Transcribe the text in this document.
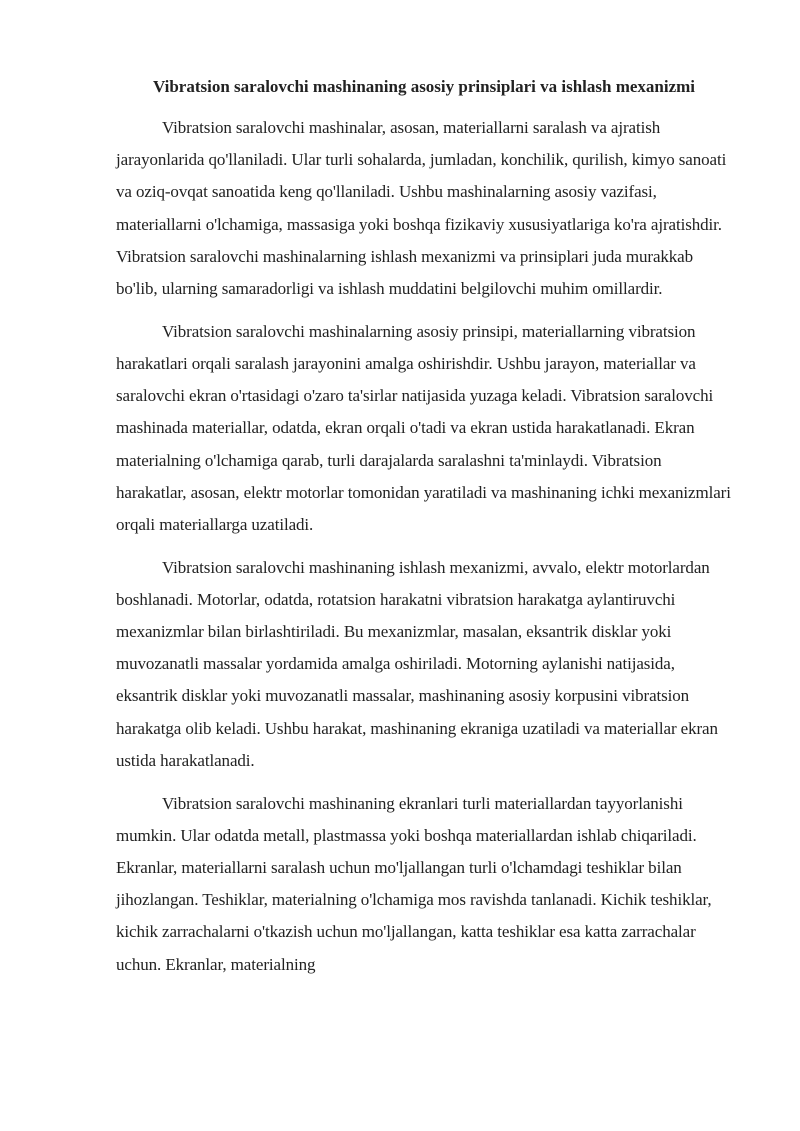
Vibratsion saralovchi mashinaning asosiy prinsiplari va ishlash mexanizmi

Vibratsion saralovchi mashinalar, asosan, materiallarni saralash va ajratish jarayonlarida qo'llaniladi. Ular turli sohalarda, jumladan, konchilik, qurilish, kimyo sanoati va oziq-ovqat sanoatida keng qo'llaniladi. Ushbu mashinalarning asosiy vazifasi, materiallarni o'lchamiga, massasiga yoki boshqa fizikaviy xususiyatlariga ko'ra ajratishdir. Vibratsion saralovchi mashinalarning ishlash mexanizmi va prinsiplari juda murakkab bo'lib, ularning samaradorligi va ishlash muddatini belgilovchi muhim omillardir.

Vibratsion saralovchi mashinalarning asosiy prinsipi, materiallarning vibratsion harakatlari orqali saralash jarayonini amalga oshirishdir. Ushbu jarayon, materiallar va saralovchi ekran o'rtasidagi o'zaro ta'sirlar natijasida yuzaga keladi. Vibratsion saralovchi mashinada materiallar, odatda, ekran orqali o'tadi va ekran ustida harakatlanadi. Ekran materialning o'lchamiga qarab, turli darajalarda saralashni ta'minlaydi. Vibratsion harakatlar, asosan, elektr motorlar tomonidan yaratiladi va mashinaning ichki mexanizmlari orqali materiallarga uzatiladi.

Vibratsion saralovchi mashinaning ishlash mexanizmi, avvalo, elektr motorlardan boshlanadi. Motorlar, odatda, rotatsion harakatni vibratsion harakatga aylantiruvchi mexanizmlar bilan birlashtiriladi. Bu mexanizmlar, masalan, eksantrik disklar yoki muvozanatli massalar yordamida amalga oshiriladi. Motorning aylanishi natijasida, eksantrik disklar yoki muvozanatli massalar, mashinaning asosiy korpusini vibratsion harakatga olib keladi. Ushbu harakat, mashinaning ekraniga uzatiladi va materiallar ekran ustida harakatlanadi.

Vibratsion saralovchi mashinaning ekranlari turli materiallardan tayyorlanishi mumkin. Ular odatda metall, plastmassa yoki boshqa materiallardan ishlab chiqariladi. Ekranlar, materiallarni saralash uchun mo'ljallangan turli o'lchamdagi teshiklar bilan jihozlangan. Teshiklar, materialning o'lchamiga mos ravishda tanlanadi. Kichik teshiklar, kichik zarrachalarni o'tkazish uchun mo'ljallangan, katta teshiklar esa katta zarrachalar uchun. Ekranlar, materialning
